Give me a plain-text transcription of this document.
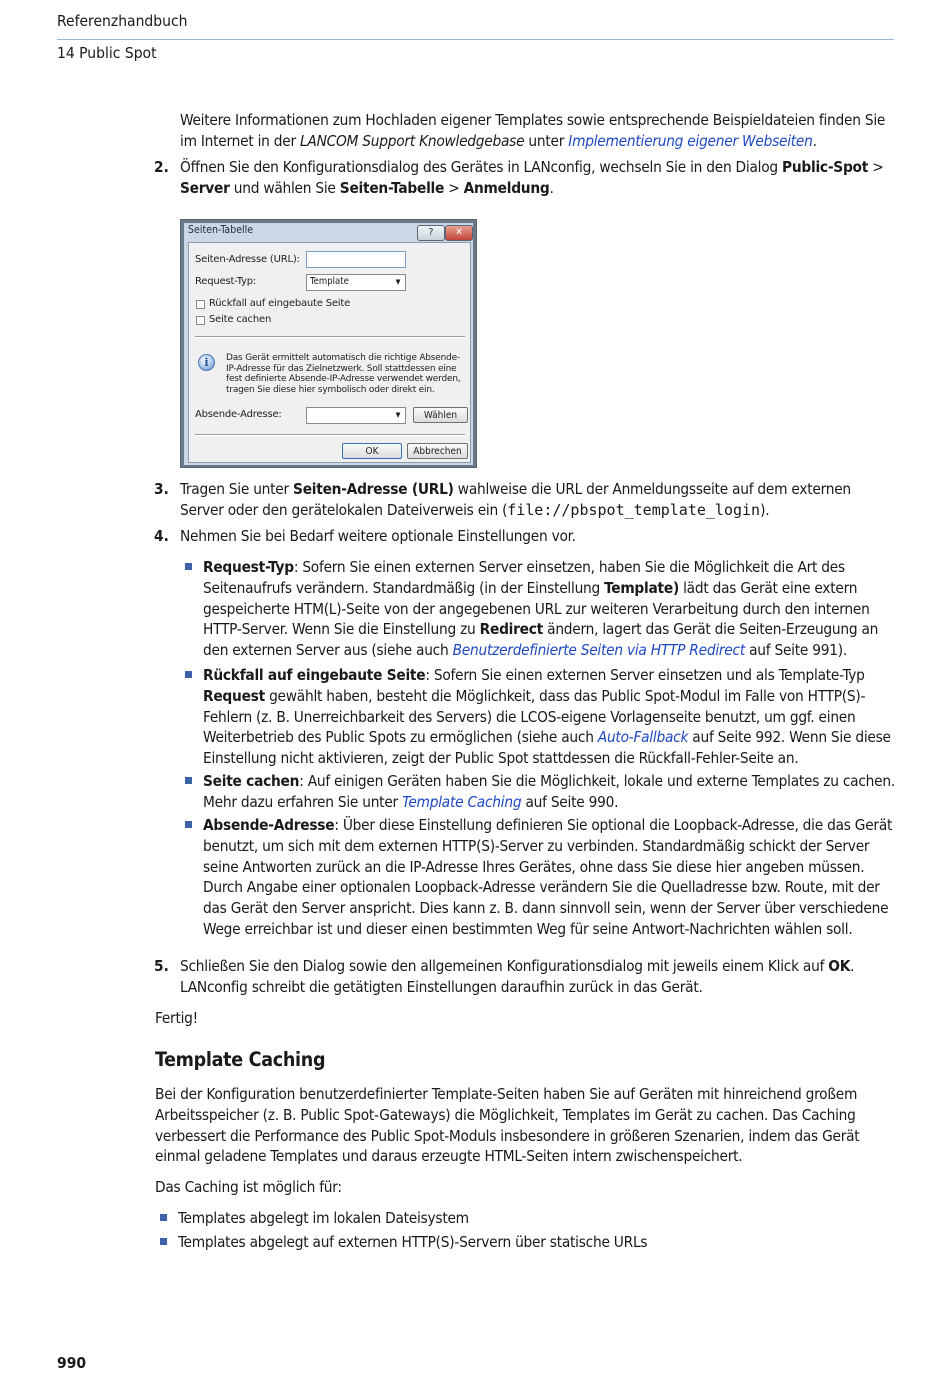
Referenzhandbuch
14 Public Spot
Weitere Informationen zum Hochladen eigener Templates sowie entsprechende Beispieldateien finden Sie im Internet in der LANCOM Support Knowledgebase unter Implementierung eigener Webseiten.
2. Öffnen Sie den Konfigurationsdialog des Gerätes in LANconfig, wechseln Sie in den Dialog Public-Spot > Server und wählen Sie Seiten-Tabelle > Anmeldung.
Seiten-Tabelle	?	✕
Seiten-Adresse (URL):
Request-Typ:	Template	▼
Rückfall auf eingebaute Seite
Seite cachen
i	Das Gerät ermittelt automatisch die richtige Absende-IP-Adresse für das Zielnetzwerk. Soll stattdessen eine fest definierte Absende-IP-Adresse verwendet werden, tragen Sie diese hier symbolisch oder direkt ein.
Absende-Adresse:	▼	Wählen
OK	Abbrechen
3. Tragen Sie unter Seiten-Adresse (URL) wahlweise die URL der Anmeldungsseite auf dem externen Server oder den gerätelokalen Dateiverweis ein (file://pbspot_template_login).
4. Nehmen Sie bei Bedarf weitere optionale Einstellungen vor.
Request-Typ: Sofern Sie einen externen Server einsetzen, haben Sie die Möglichkeit die Art des Seitenaufrufs verändern. Standardmäßig (in der Einstellung Template) lädt das Gerät eine extern gespeicherte HTM(L)-Seite von der angegebenen URL zur weiteren Verarbeitung durch den internen HTTP-Server. Wenn Sie die Einstellung zu Redirect ändern, lagert das Gerät die Seiten-Erzeugung an den externen Server aus (siehe auch Benutzerdefinierte Seiten via HTTP Redirect auf Seite 991).
Rückfall auf eingebaute Seite: Sofern Sie einen externen Server einsetzen und als Template-Typ Request gewählt haben, besteht die Möglichkeit, dass das Public Spot-Modul im Falle von HTTP(S)-Fehlern (z. B. Unerreichbarkeit des Servers) die LCOS-eigene Vorlagenseite benutzt, um ggf. einen Weiterbetrieb des Public Spots zu ermöglichen (siehe auch Auto-Fallback auf Seite 992. Wenn Sie diese Einstellung nicht aktivieren, zeigt der Public Spot stattdessen die Rückfall-Fehler-Seite an.
Seite cachen: Auf einigen Geräten haben Sie die Möglichkeit, lokale und externe Templates zu cachen. Mehr dazu erfahren Sie unter Template Caching auf Seite 990.
Absende-Adresse: Über diese Einstellung definieren Sie optional die Loopback-Adresse, die das Gerät benutzt, um sich mit dem externen HTTP(S)-Server zu verbinden. Standardmäßig schickt der Server seine Antworten zurück an die IP-Adresse Ihres Gerätes, ohne dass Sie diese hier angeben müssen. Durch Angabe einer optionalen Loopback-Adresse verändern Sie die Quelladresse bzw. Route, mit der das Gerät den Server anspricht. Dies kann z. B. dann sinnvoll sein, wenn der Server über verschiedene Wege erreichbar ist und dieser einen bestimmten Weg für seine Antwort-Nachrichten wählen soll.
5. Schließen Sie den Dialog sowie den allgemeinen Konfigurationsdialog mit jeweils einem Klick auf OK. LANconfig schreibt die getätigten Einstellungen daraufhin zurück in das Gerät.
Fertig!
Template Caching
Bei der Konfiguration benutzerdefinierter Template-Seiten haben Sie auf Geräten mit hinreichend großem Arbeitsspeicher (z. B. Public Spot-Gateways) die Möglichkeit, Templates im Gerät zu cachen. Das Caching verbessert die Performance des Public Spot-Moduls insbesondere in größeren Szenarien, indem das Gerät einmal geladene Templates und daraus erzeugte HTML-Seiten intern zwischenspeichert.
Das Caching ist möglich für:
Templates abgelegt im lokalen Dateisystem
Templates abgelegt auf externen HTTP(S)-Servern über statische URLs
990
